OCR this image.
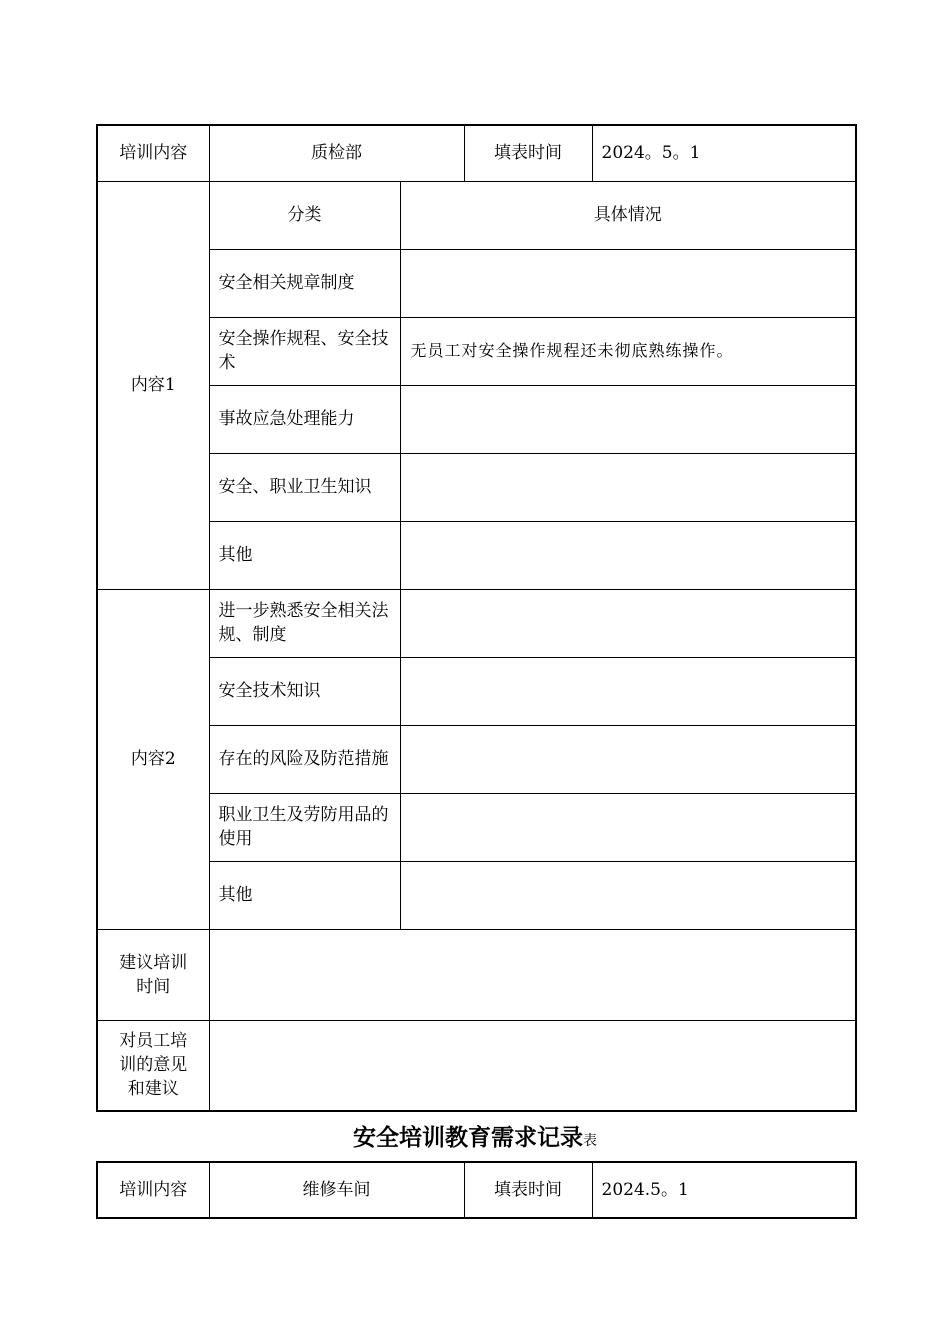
培训内容	质检部		填表时间	2024。5。1
内容1	分类	具体情况		
	安全相关规章制度			
	安全操作规程、安全技术	无员工对安全操作规程还未彻底熟练操作。		
	事故应急处理能力			
	安全、职业卫生知识			
	其他			
内容2	进一步熟悉安全相关法规、制度			
	安全技术知识			
	存在的风险及防范措施			
	职业卫生及劳防用品的使用			
	其他			
建议培训时间				
对员工培训的意见和建议				
安全培训教育需求记录表
培训内容	维修车间	填表时间	2024.5。1
